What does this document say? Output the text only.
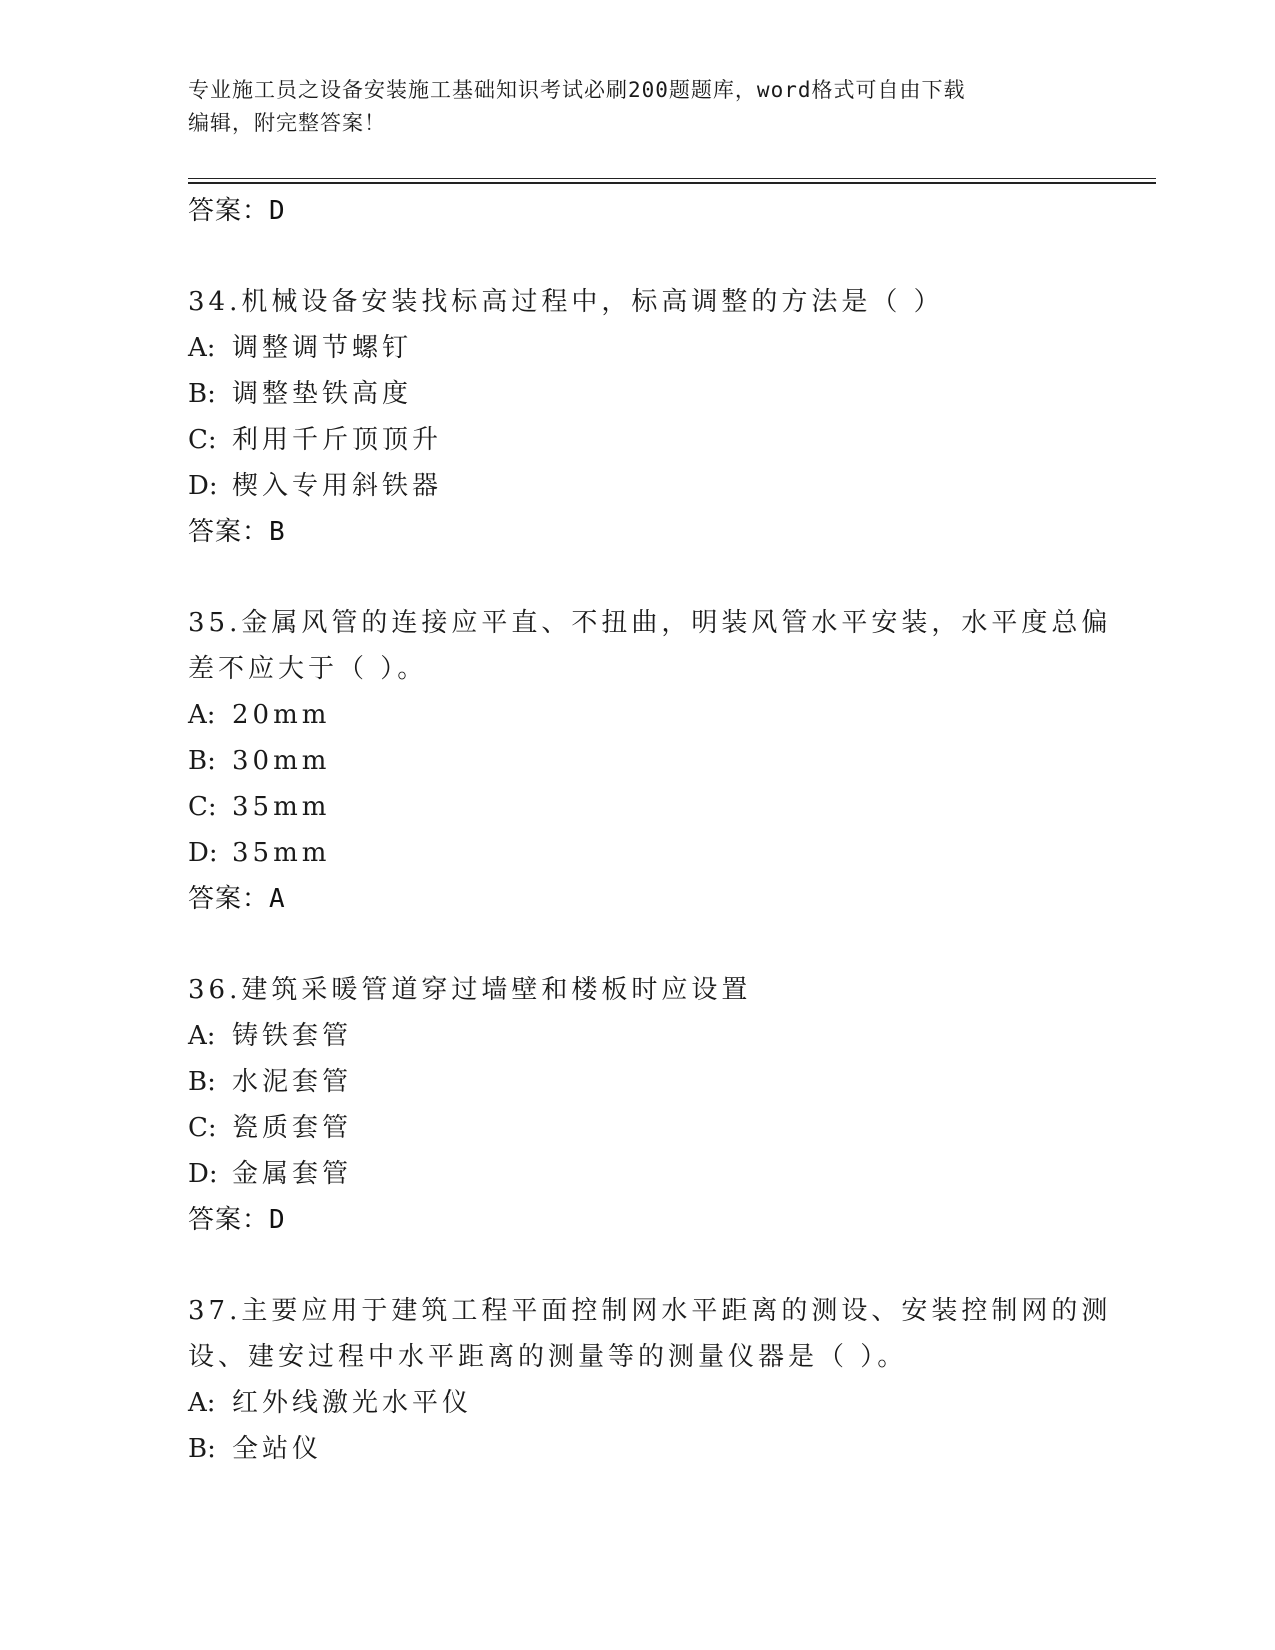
专业施工员之设备安装施工基础知识考试必刷200题题库，word格式可自由下载
编辑，附完整答案！
答案：D
34.机械设备安装找标高过程中，标高调整的方法是（ ）
A: 调整调节螺钉
B: 调整垫铁高度
C: 利用千斤顶顶升
D: 楔入专用斜铁器
答案：B
35.金属风管的连接应平直、不扭曲，明装风管水平安装，水平度总偏
差不应大于（ ）。
A: 20mm
B: 30mm
C: 35mm
D: 35mm
答案：A
36.建筑采暖管道穿过墙壁和楼板时应设置
A: 铸铁套管
B: 水泥套管
C: 瓷质套管
D: 金属套管
答案：D
37.主要应用于建筑工程平面控制网水平距离的测设、安装控制网的测
设、建安过程中水平距离的测量等的测量仪器是（ ）。
A: 红外线激光水平仪
B: 全站仪
